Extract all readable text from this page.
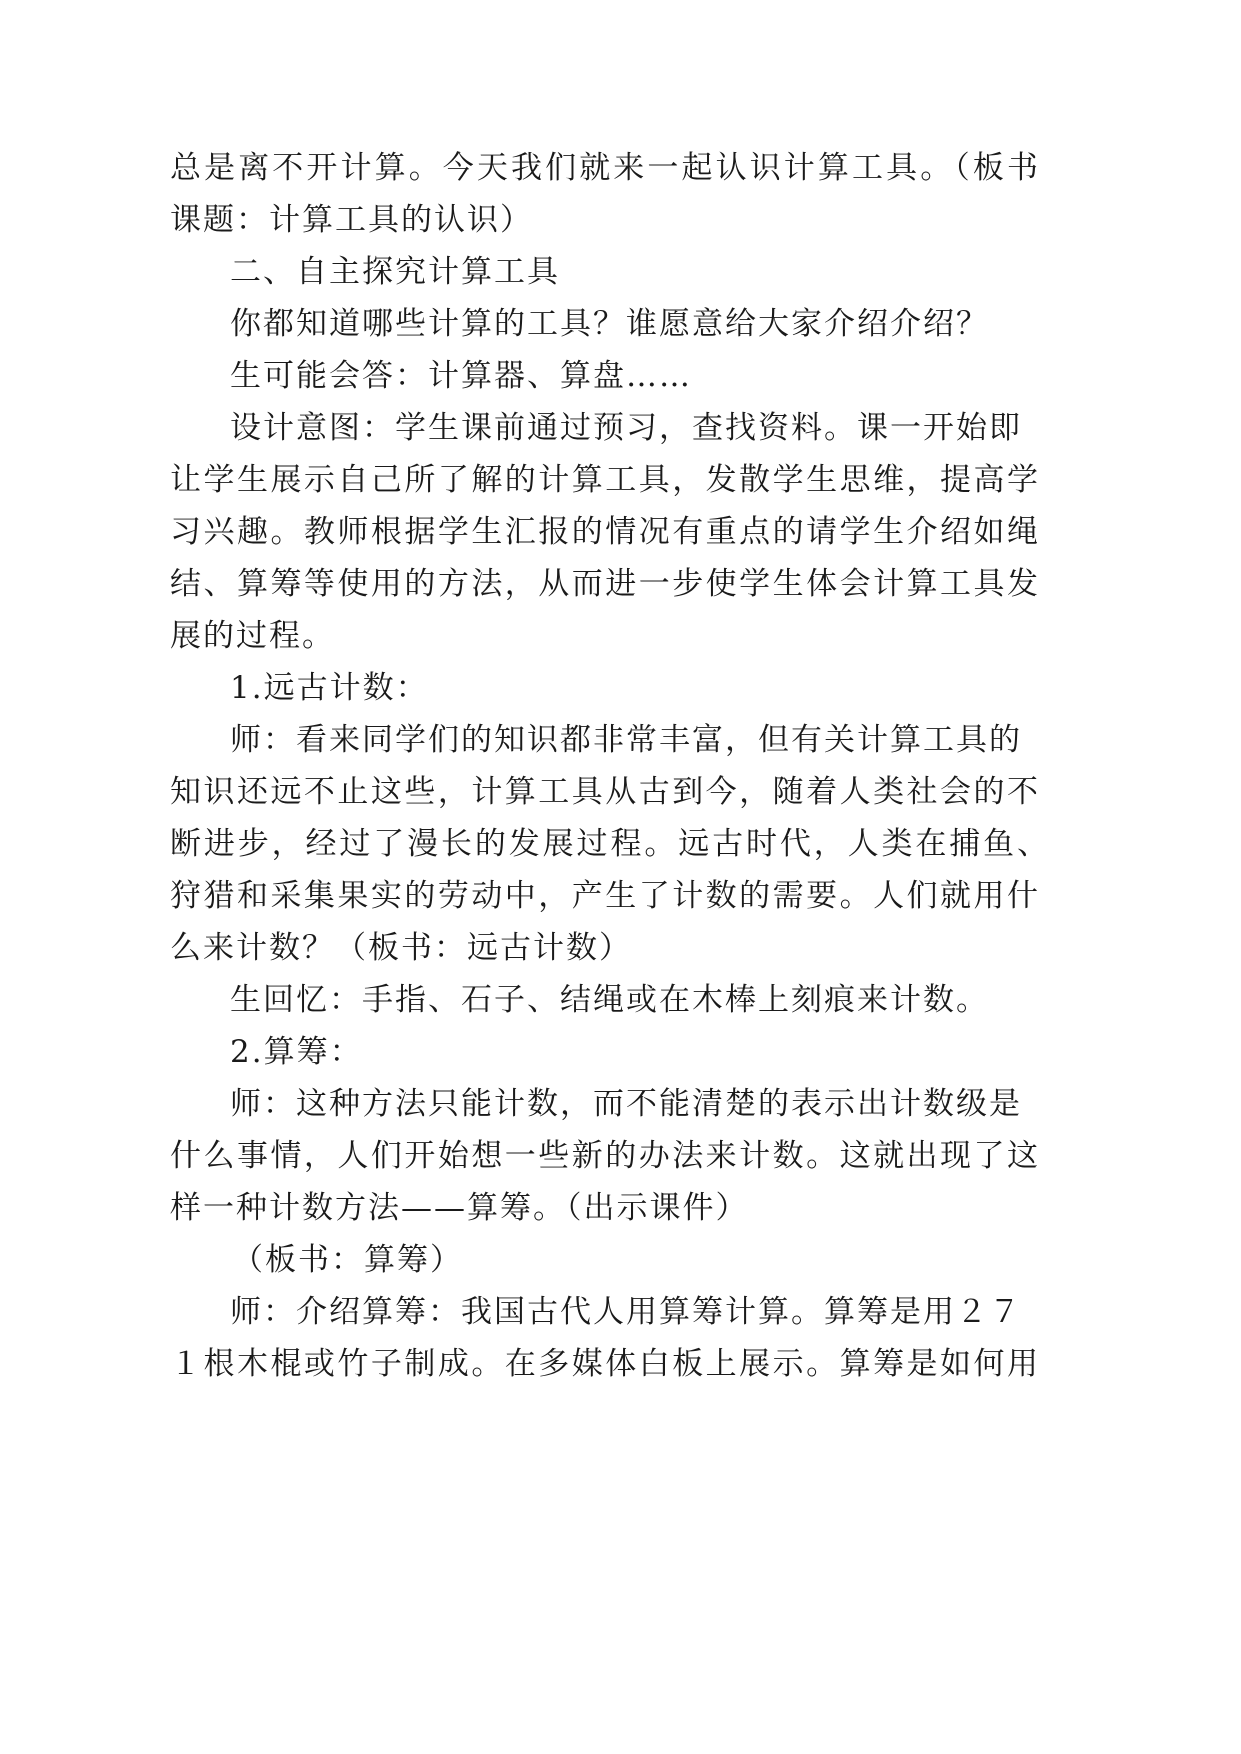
总是离不开计算。今天我们就来一起认识计算工具。（板书
课题：计算工具的认识）
二、自主探究计算工具
你都知道哪些计算的工具？谁愿意给大家介绍介绍？
生可能会答：计算器、算盘……
设计意图：学生课前通过预习，查找资料。课一开始即
让学生展示自己所了解的计算工具，发散学生思维，提高学
习兴趣。教师根据学生汇报的情况有重点的请学生介绍如绳
结、算筹等使用的方法，从而进一步使学生体会计算工具发
展的过程。
1.远古计数：
师：看来同学们的知识都非常丰富，但有关计算工具的
知识还远不止这些，计算工具从古到今，随着人类社会的不
断进步，经过了漫长的发展过程。远古时代，人类在捕鱼、
狩猎和采集果实的劳动中，产生了计数的需要。人们就用什
么来计数？（板书：远古计数）
生回忆：手指、石子、结绳或在木棒上刻痕来计数。
2.算筹：
师：这种方法只能计数，而不能清楚的表示出计数级是
什么事情，人们开始想一些新的办法来计数。这就出现了这
样一种计数方法——算筹。（出示课件）
（板书：算筹）
师：介绍算筹：我国古代人用算筹计算。算筹是用２７
１根木棍或竹子制成。在多媒体白板上展示。算筹是如何用
